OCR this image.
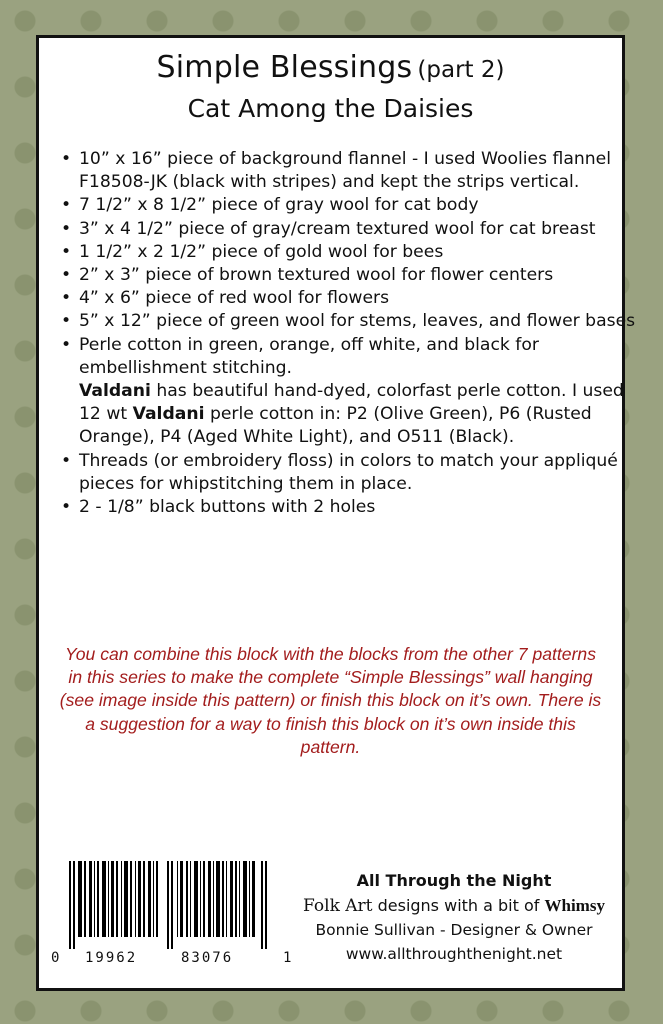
Simple Blessings (part 2)
Cat Among the Daisies
• 10” x 16” piece of background flannel - I used Woolies flannel F18508-JK (black with stripes) and kept the strips vertical.
• 7 1/2” x 8 1/2” piece of gray wool for cat body
• 3” x 4 1/2” piece of gray/cream textured wool for cat breast
• 1 1/2” x 2 1/2” piece of gold wool for bees
• 2” x 3” piece of brown textured wool for flower centers
• 4” x 6” piece of red wool for flowers
• 5” x 12” piece of green wool for stems, leaves, and flower bases
• Perle cotton in green, orange, off white, and black for embellishment stitching.
Valdani has beautiful hand-dyed, colorfast perle cotton. I used 12 wt Valdani perle cotton in: P2 (Olive Green), P6 (Rusted Orange), P4 (Aged White Light), and O511 (Black).
• Threads (or embroidery floss) in colors to match your appliqué pieces for whipstitching them in place.
• 2 - 1/8” black buttons with 2 holes
You can combine this block with the blocks from the other 7 patterns in this series to make the complete “Simple Blessings” wall hanging (see image inside this pattern) or finish this block on it’s own. There is a suggestion for a way to finish this block on it’s own inside this pattern.
0 19962	83076	1
All Through the Night
Folk Art designs with a bit of Whimsy
Bonnie Sullivan - Designer & Owner
www.allthroughthenight.net
